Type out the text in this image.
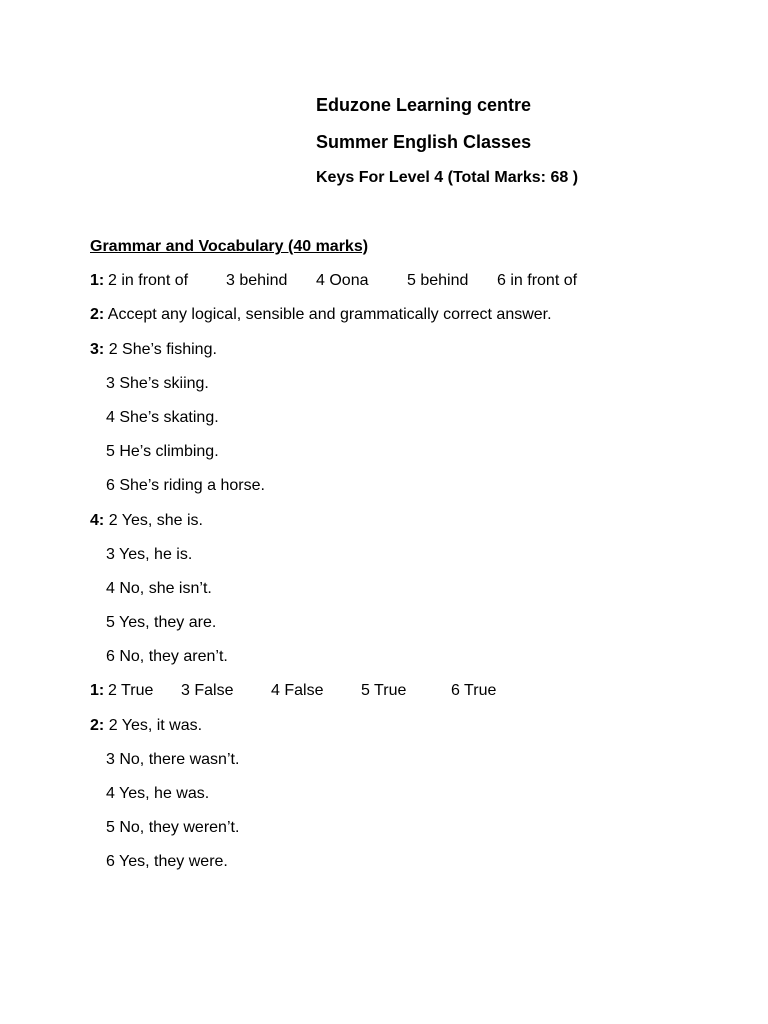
Eduzone Learning centre
Summer English Classes
Keys For Level 4 (Total Marks: 68 )
Grammar and Vocabulary (40 marks)
1: 2 in front of 3 behind 4 Oona 5 behind 6 in front of
2: Accept any logical, sensible and grammatically correct answer.
3: 2 She’s fishing.
3 She’s skiing.
4 She’s skating.
5 He’s climbing.
6 She’s riding a horse.
4: 2 Yes, she is.
3 Yes, he is.
4 No, she isn’t.
5 Yes, they are.
6 No, they aren’t.
1: 2 True 3 False 4 False 5 True	6 True
2: 2 Yes, it was.
3 No, there wasn’t.
4 Yes, he was.
5 No, they weren’t.
6 Yes, they were.
